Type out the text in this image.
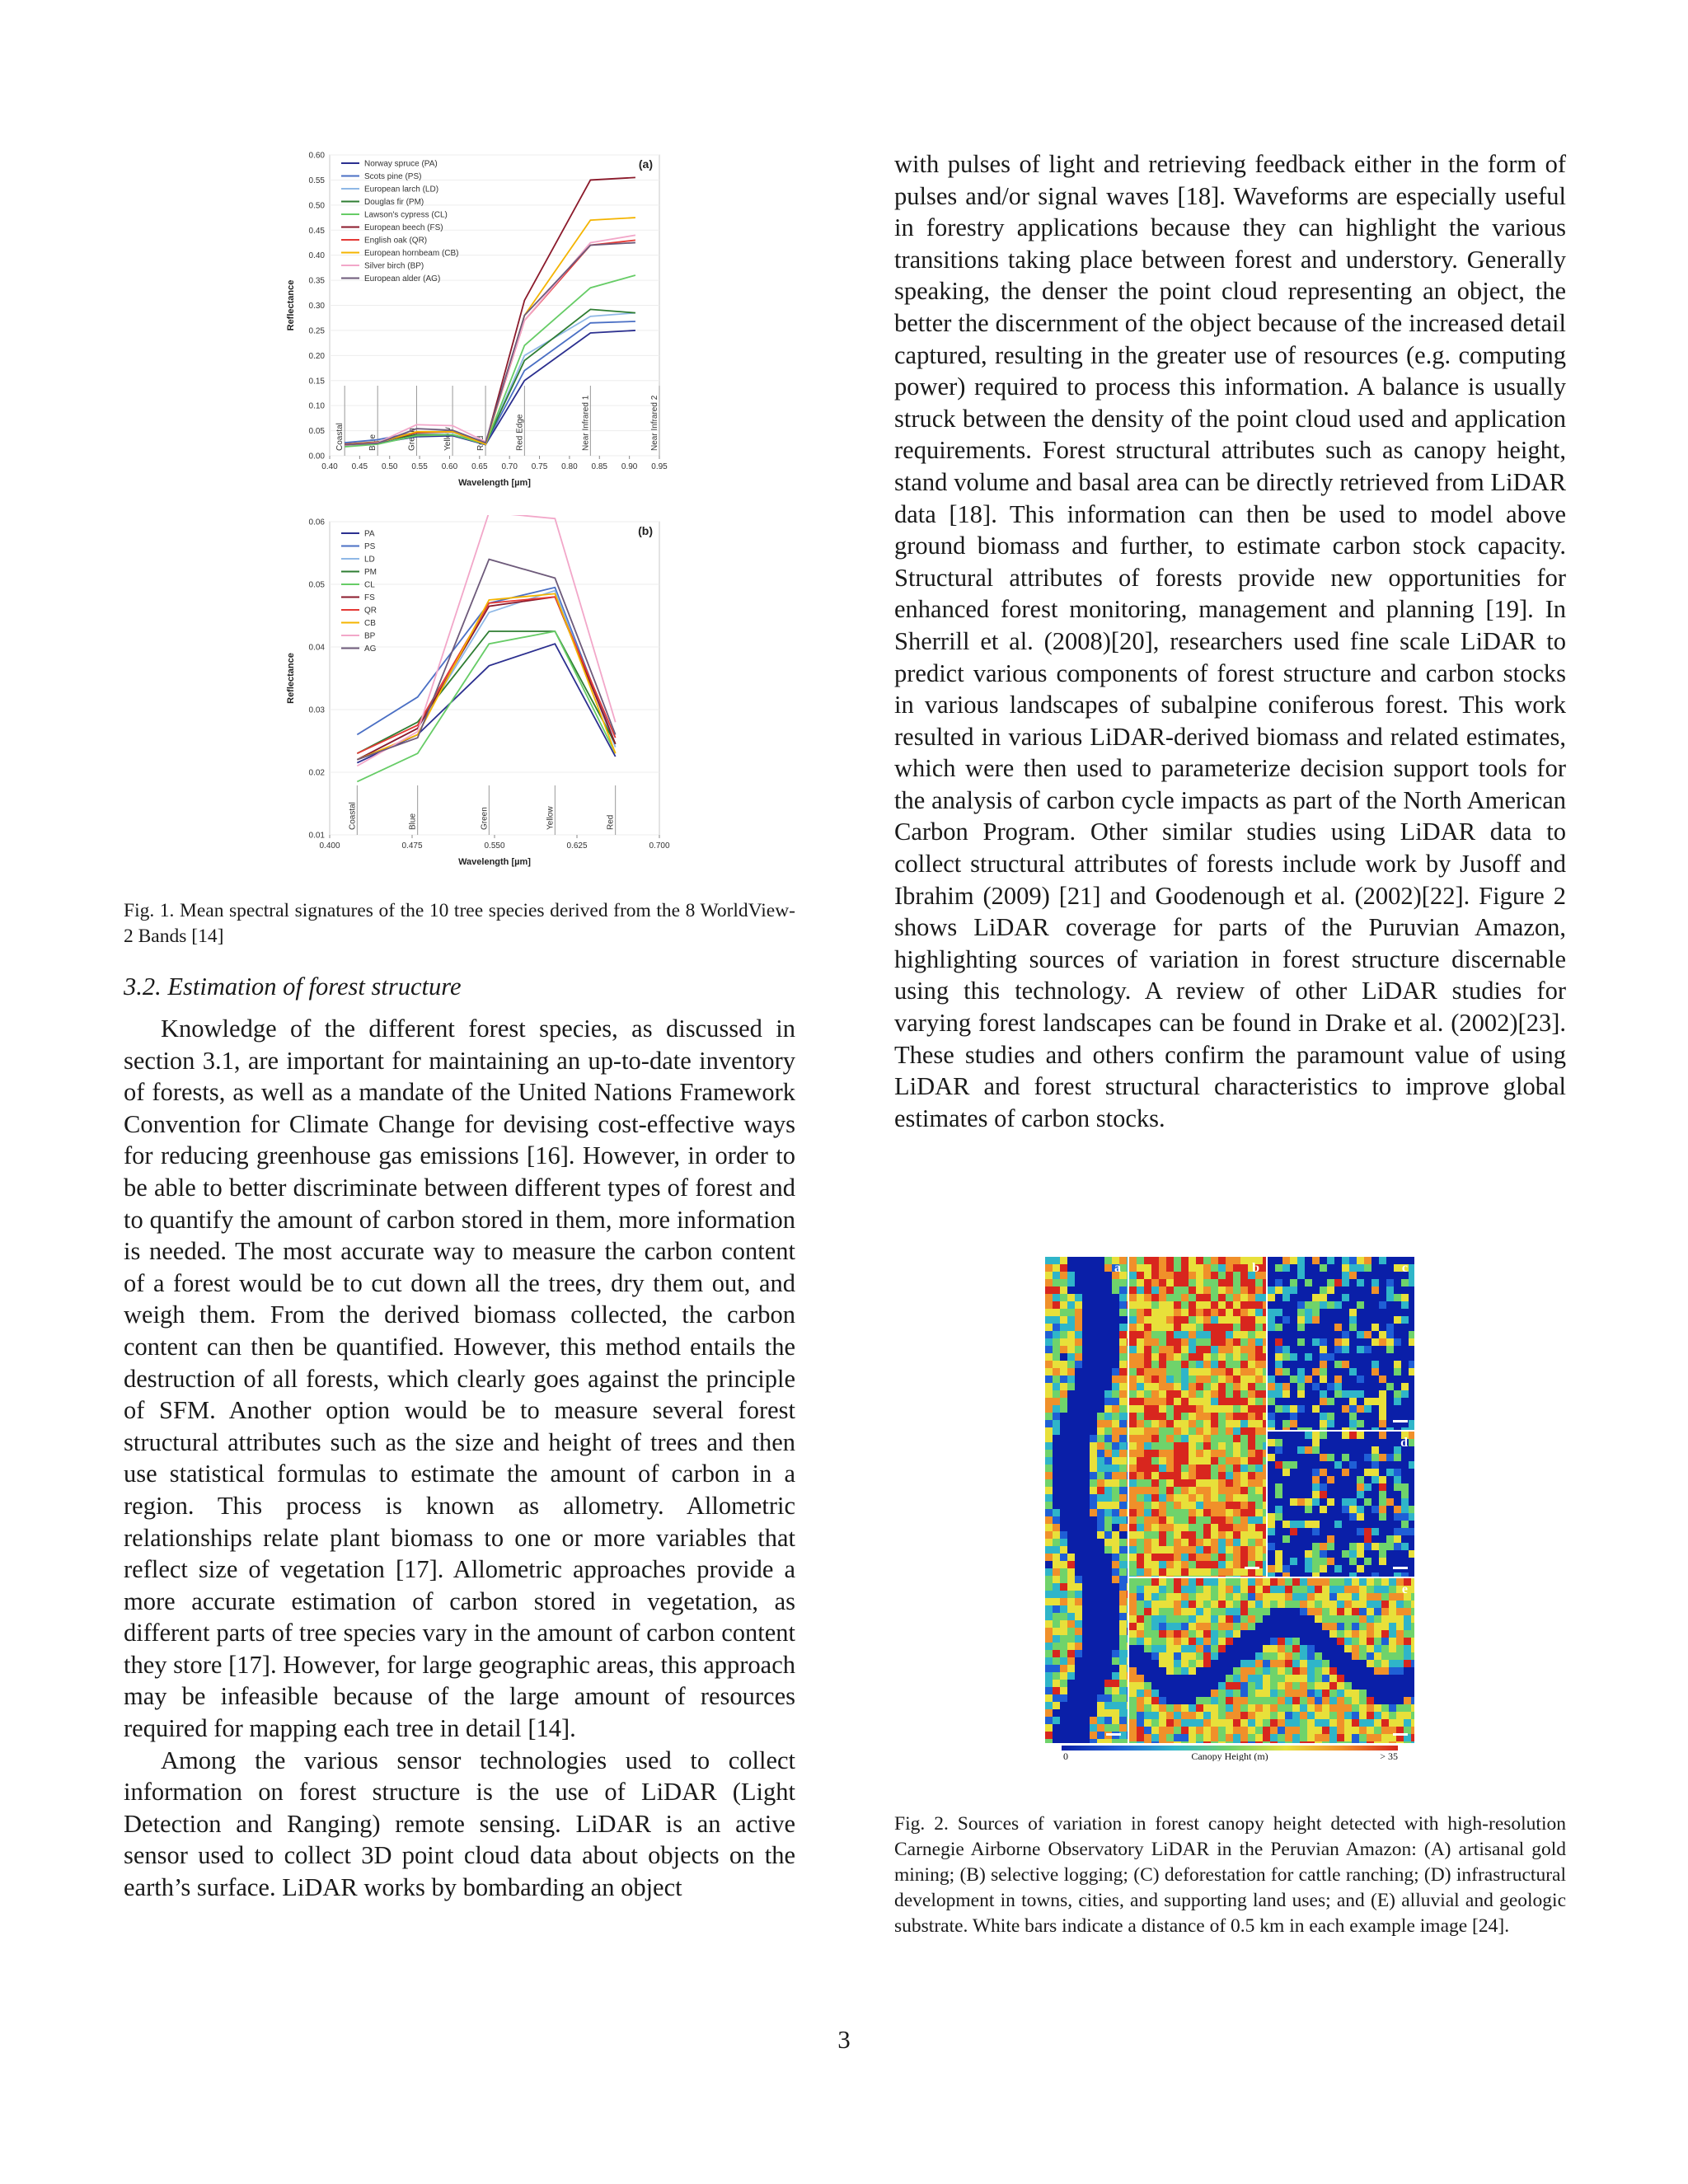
0.00
0.05
0.10
0.15
0.20
0.25
0.30
0.35
0.40
0.45
0.50
0.55
0.60
0.40 0.45 0.50 0.55 0.60 0.65 0.70 0.75 0.80 0.85 0.90 0.95
Coastal	Blue	Green	Yellow	Red	Red Edge	Near Infrared 1	Near Infrared 2
Norway spruce (PA)
Scots pine (PS)
European larch (LD)
Douglas fir (PM)
Lawson's cypress (CL)
European beech (FS)
English oak (QR)
European hornbeam (CB)
Silver birch (BP)
European alder (AG)
(a)
Wavelength [µm]
Reflectance
0.01
0.02
0.03
0.04
0.05
0.06
0.400	0.475	0.550	0.625	0.700
Coastal	Blue	Green	Yellow	Red
PA
PS
LD
PM
CL
FS
QR
CB
BP
AG
(b)
Wavelength [µm]
Reflectance

Fig. 1. Mean spectral signatures of the 10 tree species derived from the 8 WorldView-2 Bands [14]

3.2. Estimation of forest structure

Knowledge of the different forest species, as discussed in section 3.1, are important for maintaining an up-to-date inventory of forests, as well as a mandate of the United Nations Framework Convention for Climate Change for devising cost-effective ways for reducing greenhouse gas emissions [16]. However, in order to be able to better discriminate between different types of forest and to quantify the amount of carbon stored in them, more information is needed. The most accurate way to measure the carbon content of a forest would be to cut down all the trees, dry them out, and weigh them. From the derived biomass collected, the carbon content can then be quantified. However, this method entails the destruction of all forests, which clearly goes against the principle of SFM. Another option would be to measure several forest structural attributes such as the size and height of trees and then use statistical formulas to estimate the amount of carbon in a region. This process is known as allometry. Allometric relationships relate plant biomass to one or more variables that reflect size of vegetation [17]. Allometric approaches provide a more accurate estimation of carbon stored in vegetation, as different parts of tree species vary in the amount of carbon content they store [17]. However, for large geographic areas, this approach may be infeasible because of the large amount of resources required for mapping each tree in detail [14].

Among the various sensor technologies used to collect information on forest structure is the use of LiDAR (Light Detection and Ranging) remote sensing. LiDAR is an active sensor used to collect 3D point cloud data about objects on the earth’s surface. LiDAR works by bombarding an object

with pulses of light and retrieving feedback either in the form of pulses and/or signal waves [18]. Waveforms are especially useful in forestry applications because they can highlight the various transitions taking place between forest and understory. Generally speaking, the denser the point cloud representing an object, the better the discernment of the object because of the increased detail captured, resulting in the greater use of resources (e.g. computing power) required to process this information. A balance is usually struck between the density of the point cloud used and application requirements. Forest structural attributes such as canopy height, stand volume and basal area can be directly retrieved from LiDAR data [18]. This information can then be used to model above ground biomass and further, to estimate carbon stock capacity. Structural attributes of forests provide new opportunities for enhanced forest monitoring, management and planning [19]. In Sherrill et al. (2008)[20], researchers used fine scale LiDAR to predict various components of forest structure and carbon stocks in various landscapes of subalpine coniferous forest. This work resulted in various LiDAR-derived biomass and related estimates, which were then used to parameterize decision support tools for the analysis of carbon cycle impacts as part of the North American Carbon Program. Other similar studies using LiDAR data to collect structural attributes of forests include work by Jusoff and Ibrahim (2009) [21] and Goodenough et al. (2002)[22]. Figure 2 shows LiDAR coverage for parts of the Puruvian Amazon, highlighting sources of variation in forest structure discernable using this technology. A review of other LiDAR studies for varying forest landscapes can be found in Drake et al. (2002)[23]. These studies and others confirm the paramount value of using LiDAR and forest structural characteristics to improve global estimates of carbon stocks.

a	b	c
d
e
0	Canopy Height (m)	> 35

Fig. 2. Sources of variation in forest canopy height detected with high-resolution Carnegie Airborne Observatory LiDAR in the Peruvian Amazon: (A) artisanal gold mining; (B) selective logging; (C) deforestation for cattle ranching; (D) infrastructural development in towns, cities, and supporting land uses; and (E) alluvial and geologic substrate. White bars indicate a distance of 0.5 km in each example image [24].

3
